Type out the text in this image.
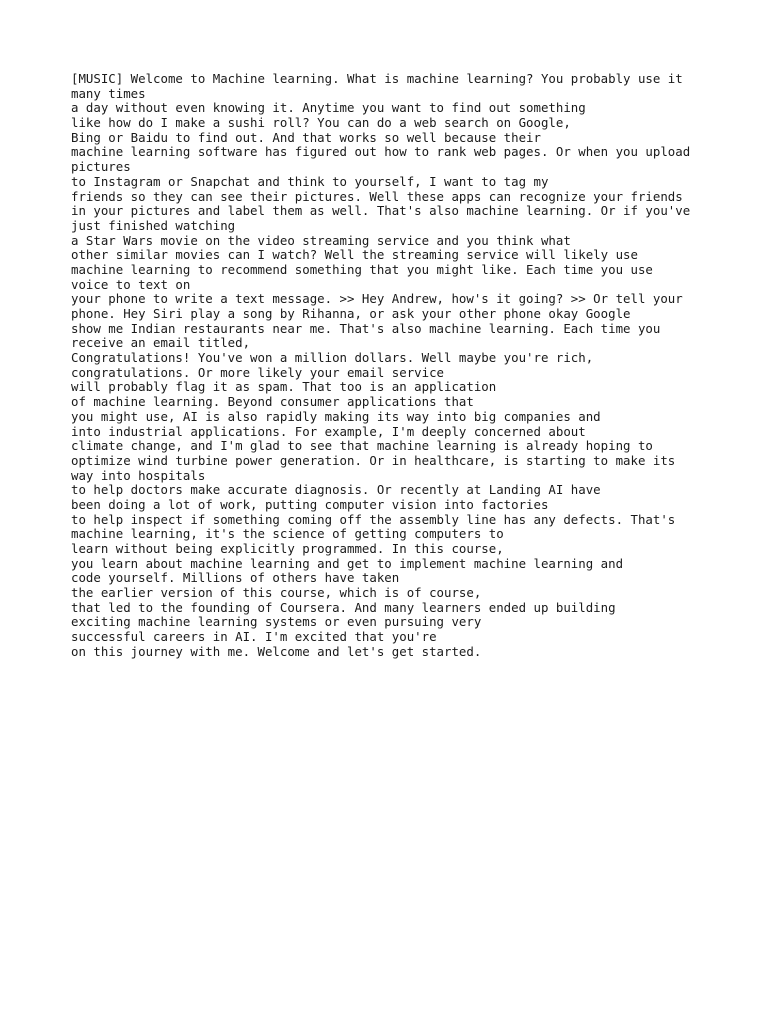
[MUSIC] Welcome to Machine learning. What is machine learning? You probably use it
many times
a day without even knowing it. Anytime you want to find out something
like how do I make a sushi roll? You can do a web search on Google,
Bing or Baidu to find out. And that works so well because their
machine learning software has figured out how to rank web pages. Or when you upload
pictures
to Instagram or Snapchat and think to yourself, I want to tag my
friends so they can see their pictures. Well these apps can recognize your friends
in your pictures and label them as well. That's also machine learning. Or if you've
just finished watching
a Star Wars movie on the video streaming service and you think what
other similar movies can I watch? Well the streaming service will likely use
machine learning to recommend something that you might like. Each time you use
voice to text on
your phone to write a text message. >> Hey Andrew, how's it going? >> Or tell your
phone. Hey Siri play a song by Rihanna, or ask your other phone okay Google
show me Indian restaurants near me. That's also machine learning. Each time you
receive an email titled,
Congratulations! You've won a million dollars. Well maybe you're rich,
congratulations. Or more likely your email service
will probably flag it as spam. That too is an application
of machine learning. Beyond consumer applications that
you might use, AI is also rapidly making its way into big companies and
into industrial applications. For example, I'm deeply concerned about
climate change, and I'm glad to see that machine learning is already hoping to
optimize wind turbine power generation. Or in healthcare, is starting to make its
way into hospitals
to help doctors make accurate diagnosis. Or recently at Landing AI have
been doing a lot of work, putting computer vision into factories
to help inspect if something coming off the assembly line has any defects. That's
machine learning, it's the science of getting computers to
learn without being explicitly programmed. In this course,
you learn about machine learning and get to implement machine learning and
code yourself. Millions of others have taken
the earlier version of this course, which is of course,
that led to the founding of Coursera. And many learners ended up building
exciting machine learning systems or even pursuing very
successful careers in AI. I'm excited that you're
on this journey with me. Welcome and let's get started.
